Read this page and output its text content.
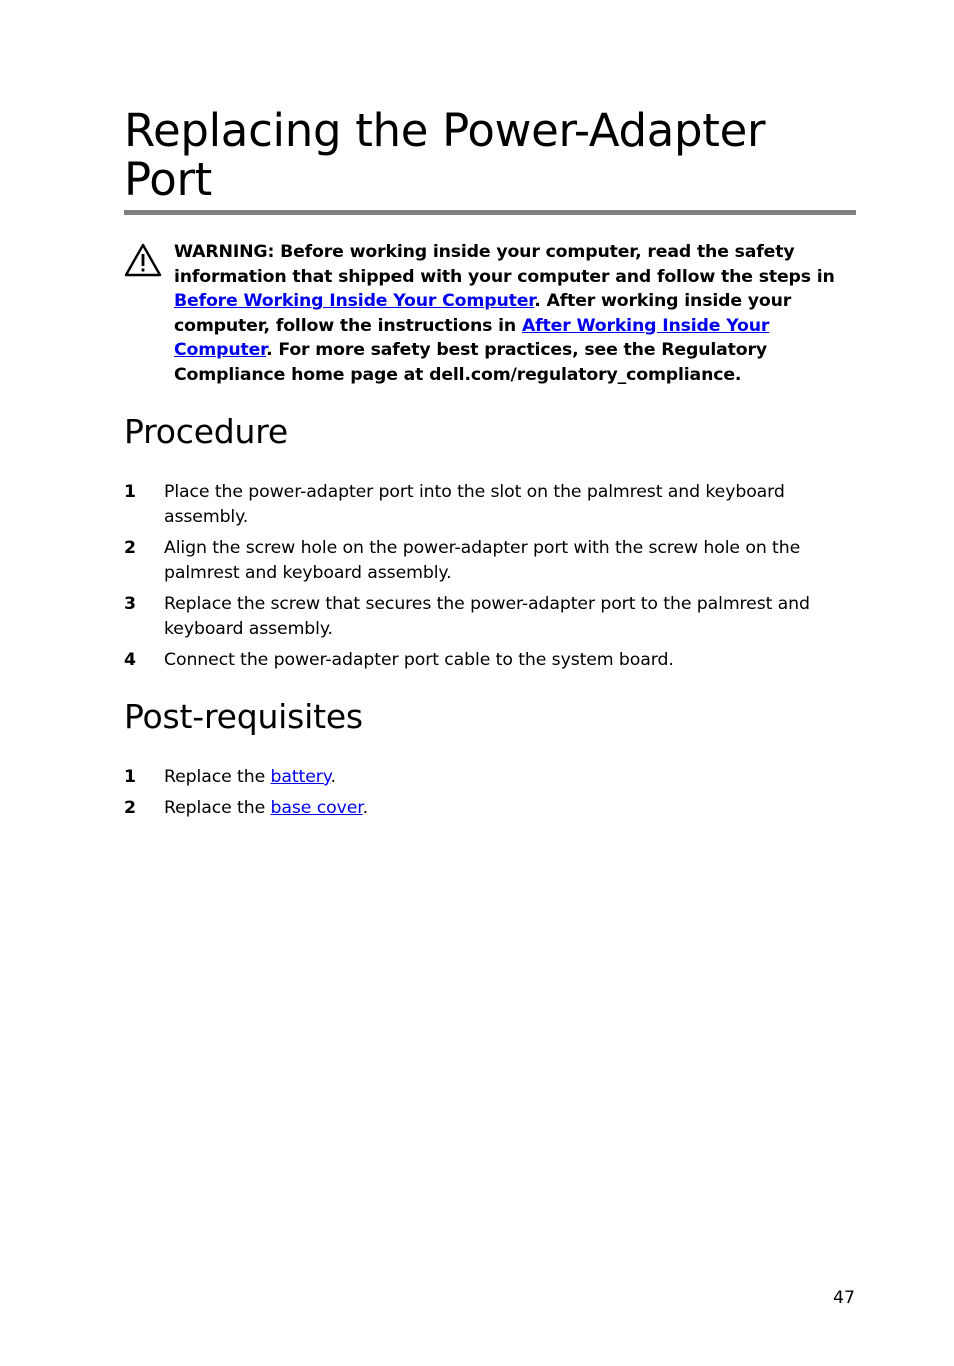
Replacing the Power-Adapter Port

WARNING: Before working inside your computer, read the safety information that shipped with your computer and follow the steps in Before Working Inside Your Computer. After working inside your computer, follow the instructions in After Working Inside Your Computer. For more safety best practices, see the Regulatory Compliance home page at dell.com/regulatory_compliance.

Procedure
1 Place the power-adapter port into the slot on the palmrest and keyboard assembly.
2 Align the screw hole on the power-adapter port with the screw hole on the palmrest and keyboard assembly.
3 Replace the screw that secures the power-adapter port to the palmrest and keyboard assembly.
4 Connect the power-adapter port cable to the system board.
Post-requisites
1 Replace the battery.
2 Replace the base cover.
47
